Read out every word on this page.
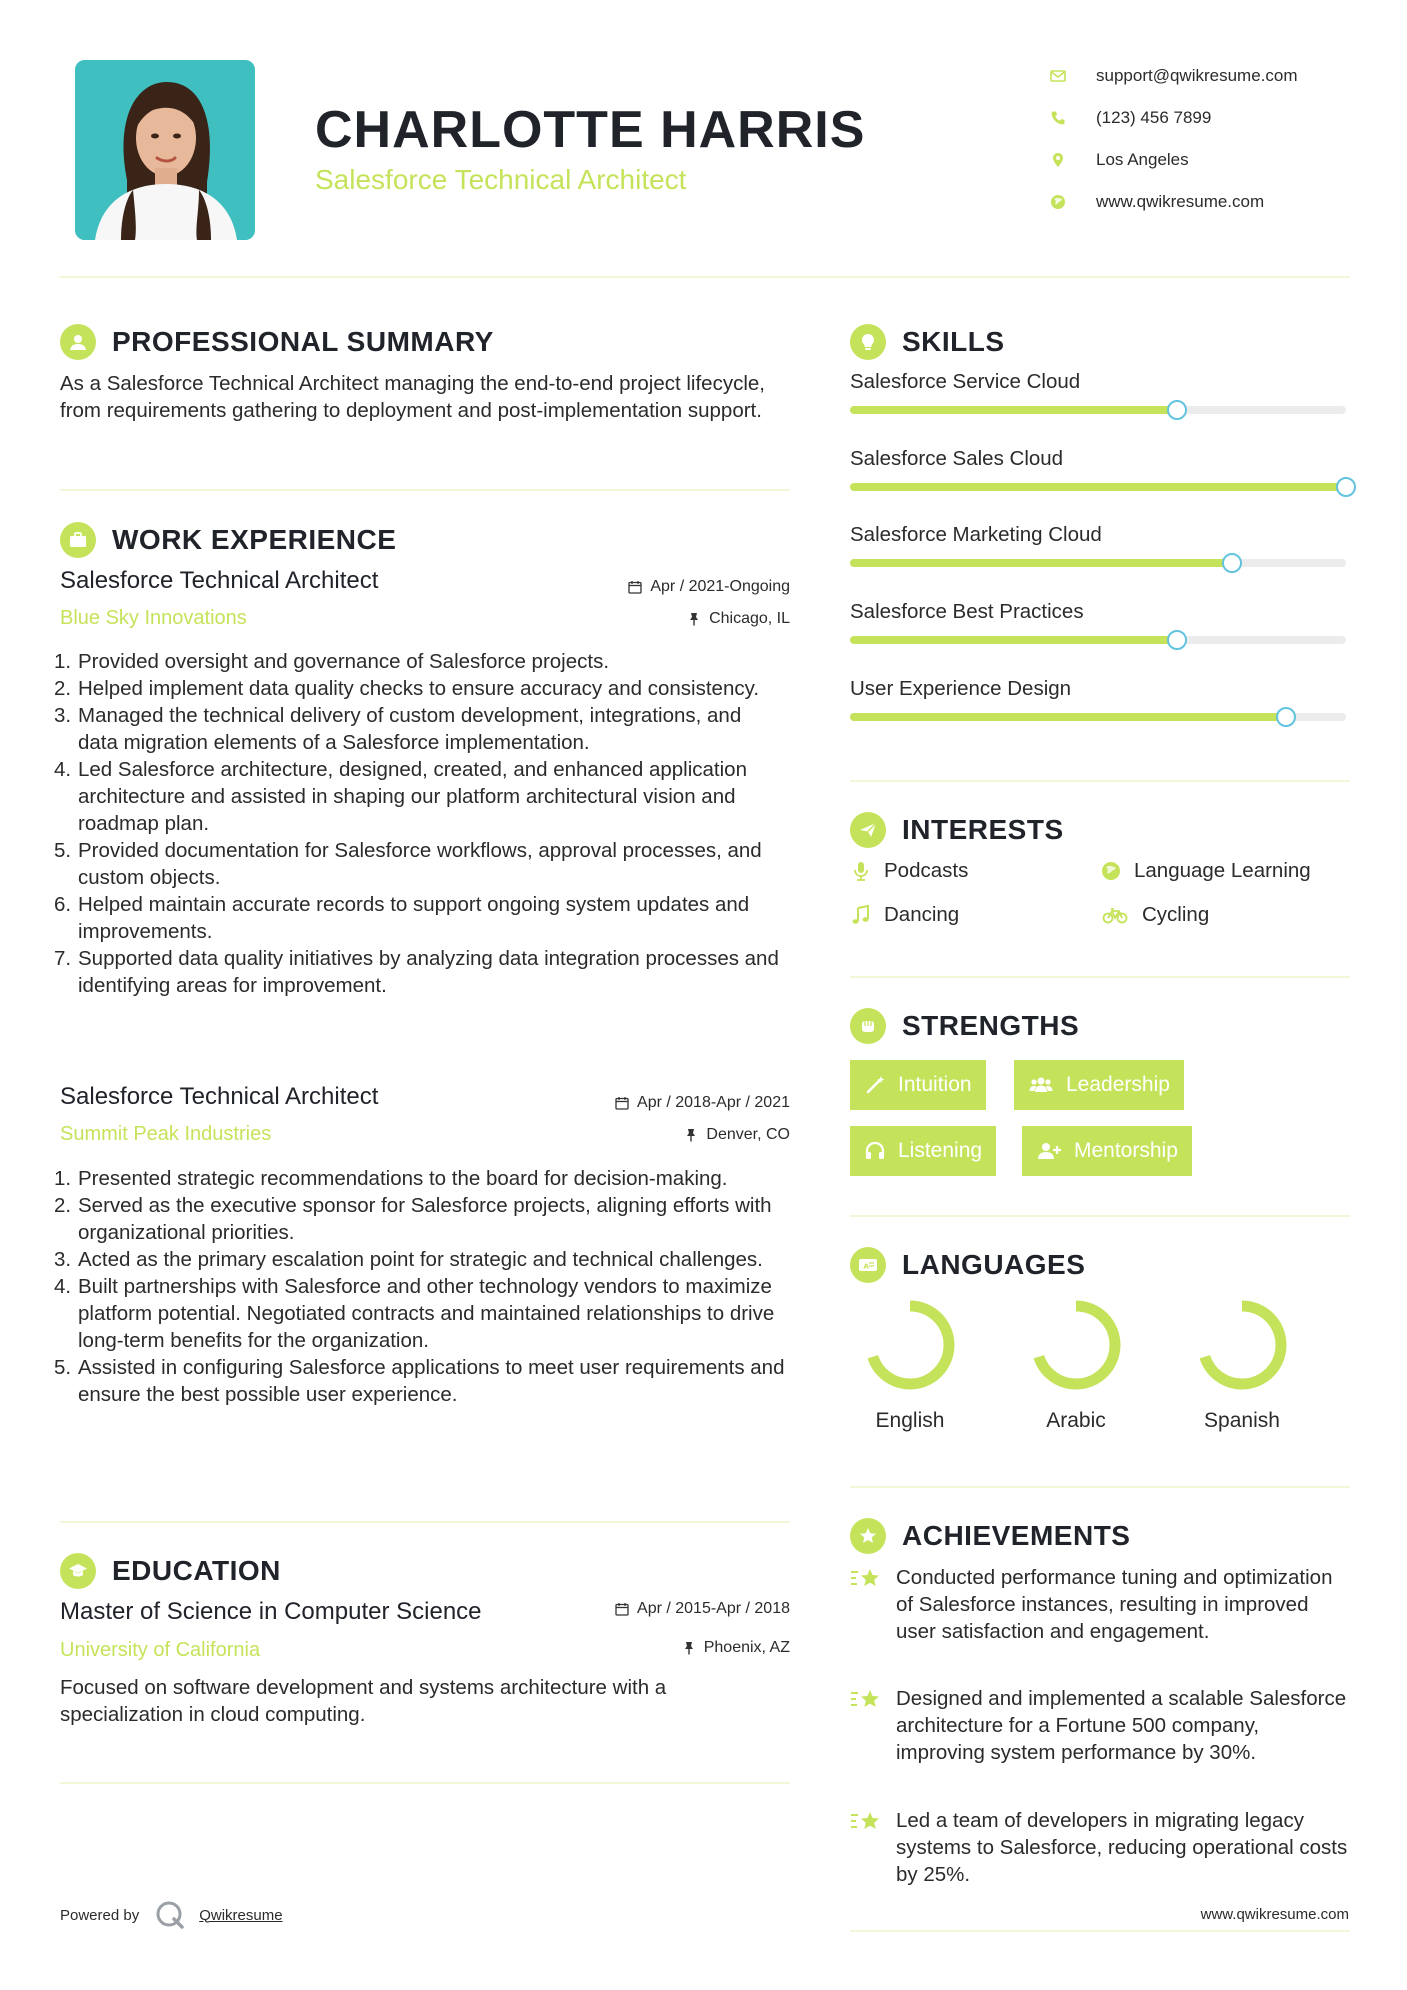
CHARLOTTE HARRIS
Salesforce Technical Architect
support@qwikresume.com
(123) 456 7899
Los Angeles
www.qwikresume.com
PROFESSIONAL SUMMARY
As a Salesforce Technical Architect managing the end-to-end project lifecycle, from requirements gathering to deployment and post-implementation support.
WORK EXPERIENCE
Salesforce Technical Architect	Apr / 2021-Ongoing
Blue Sky Innovations	Chicago, IL
1. Provided oversight and governance of Salesforce projects.
2. Helped implement data quality checks to ensure accuracy and consistency.
3. Managed the technical delivery of custom development, integrations, and data migration elements of a Salesforce implementation.
4. Led Salesforce architecture, designed, created, and enhanced application architecture and assisted in shaping our platform architectural vision and roadmap plan.
5. Provided documentation for Salesforce workflows, approval processes, and custom objects.
6. Helped maintain accurate records to support ongoing system updates and improvements.
7. Supported data quality initiatives by analyzing data integration processes and identifying areas for improvement.
Salesforce Technical Architect	Apr / 2018-Apr / 2021
Summit Peak Industries	Denver, CO
1. Presented strategic recommendations to the board for decision-making.
2. Served as the executive sponsor for Salesforce projects, aligning efforts with organizational priorities.
3. Acted as the primary escalation point for strategic and technical challenges.
4. Built partnerships with Salesforce and other technology vendors to maximize platform potential. Negotiated contracts and maintained relationships to drive long-term benefits for the organization.
5. Assisted in configuring Salesforce applications to meet user requirements and ensure the best possible user experience.
EDUCATION
Master of Science in Computer Science	Apr / 2015-Apr / 2018
University of California	Phoenix, AZ
Focused on software development and systems architecture with a specialization in cloud computing.
SKILLS
Salesforce Service Cloud
Salesforce Sales Cloud
Salesforce Marketing Cloud
Salesforce Best Practices
User Experience Design
INTERESTS
Podcasts	Language Learning
Dancing	Cycling
STRENGTHS
Intuition	Leadership
Listening	Mentorship
A LANGUAGES
English	Arabic	Spanish
ACHIEVEMENTS
Conducted performance tuning and optimization of Salesforce instances, resulting in improved user satisfaction and engagement.
Designed and implemented a scalable Salesforce architecture for a Fortune 500 company, improving system performance by 30%.
Led a team of developers in migrating legacy systems to Salesforce, reducing operational costs by 25%.
Powered by	Qwikresume	www.qwikresume.com
